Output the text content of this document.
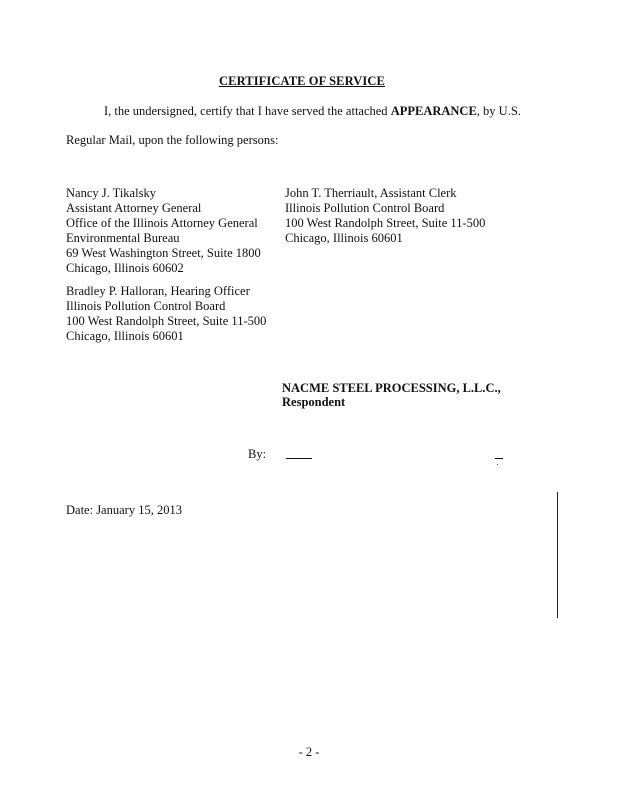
CERTIFICATE OF SERVICE
I, the undersigned, certify that I have served the attached APPEARANCE, by U.S.
Regular Mail, upon the following persons:
Nancy J. Tikalsky
Assistant Attorney General
Office of the Illinois Attorney General
Environmental Bureau
69 West Washington Street, Suite 1800
Chicago, Illinois 60602
John T. Therriault, Assistant Clerk
Illinois Pollution Control Board
100 West Randolph Street, Suite 11-500
Chicago, Illinois 60601
Bradley P. Halloran, Hearing Officer
Illinois Pollution Control Board
100 West Randolph Street, Suite 11-500
Chicago, Illinois 60601
NACME STEEL PROCESSING, L.L.C.,
Respondent
By:
Date: January 15, 2013
- 2 -
